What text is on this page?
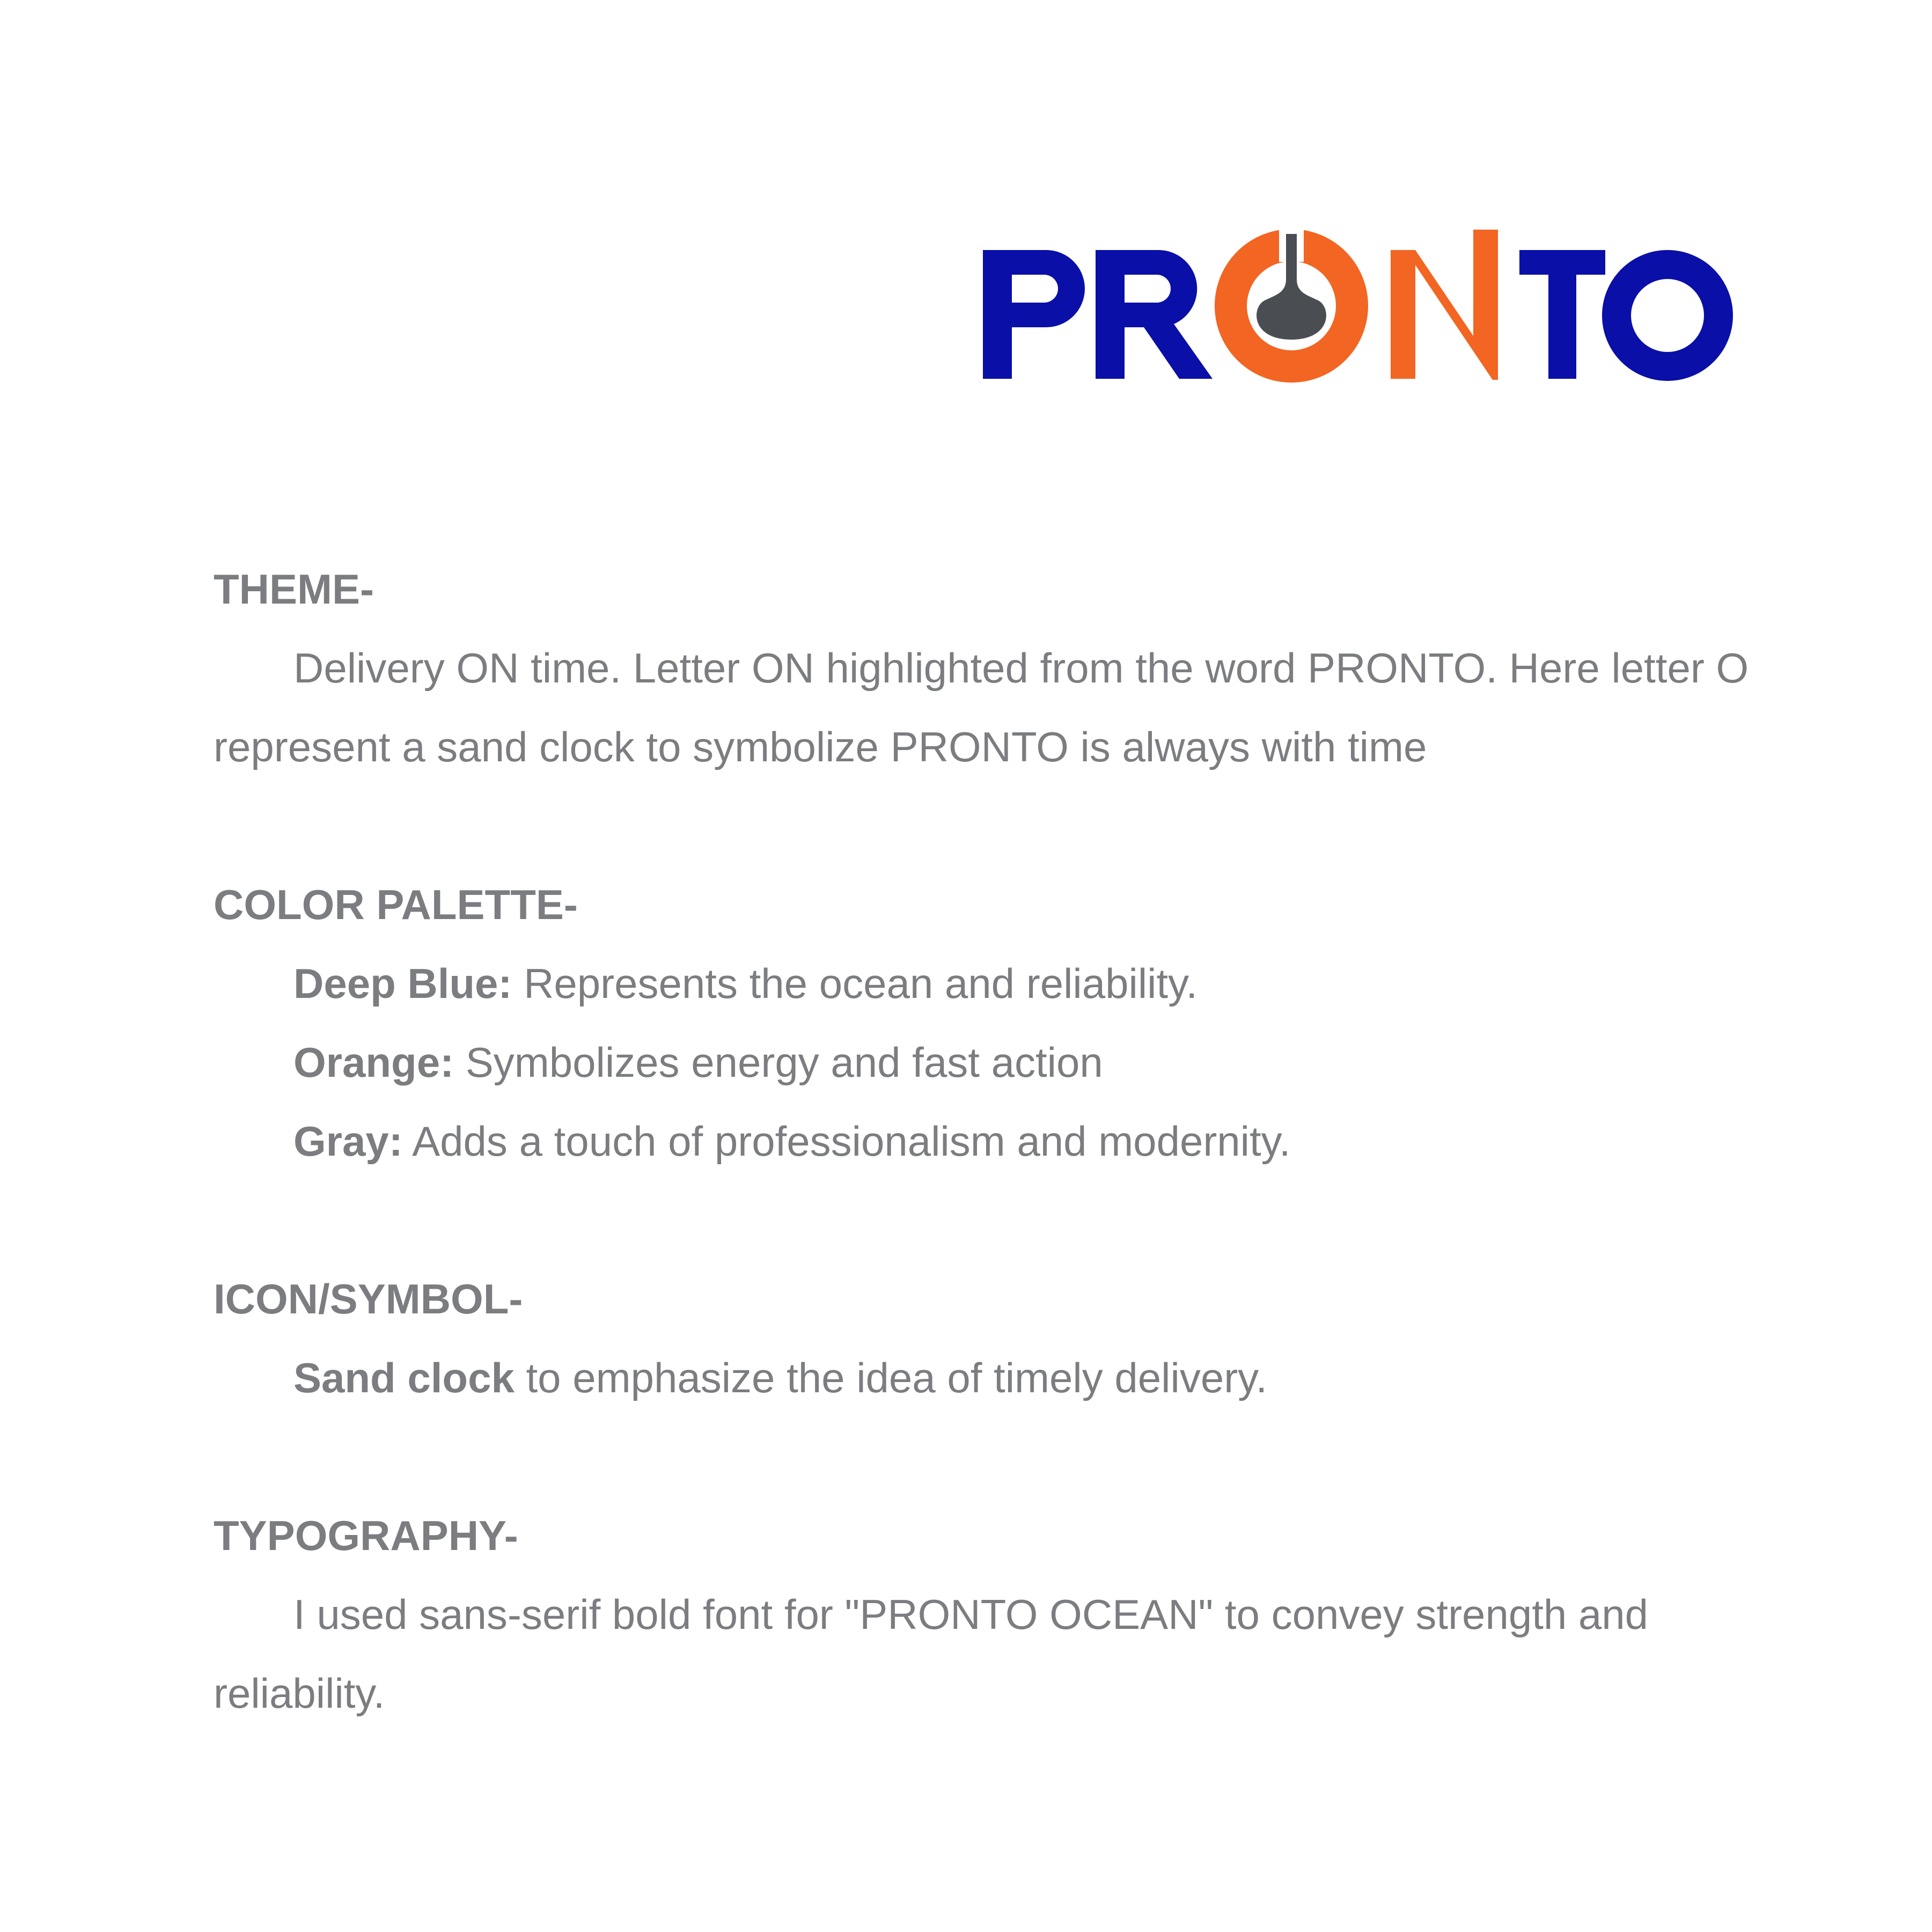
THEME-

Delivery ON time. Letter ON highlighted from the word PRONTO. Here letter O represent a sand clock to symbolize PRONTO is always with time

COLOR PALETTE-
Deep Blue: Represents the ocean and reliability.
Orange: Symbolizes energy and fast action
Gray: Adds a touch of professionalism and modernity.
ICON/SYMBOL-
Sand clock to emphasize the idea of timely delivery.
TYPOGRAPHY-

I used sans-serif bold font for "PRONTO OCEAN" to convey strength and reliability.
